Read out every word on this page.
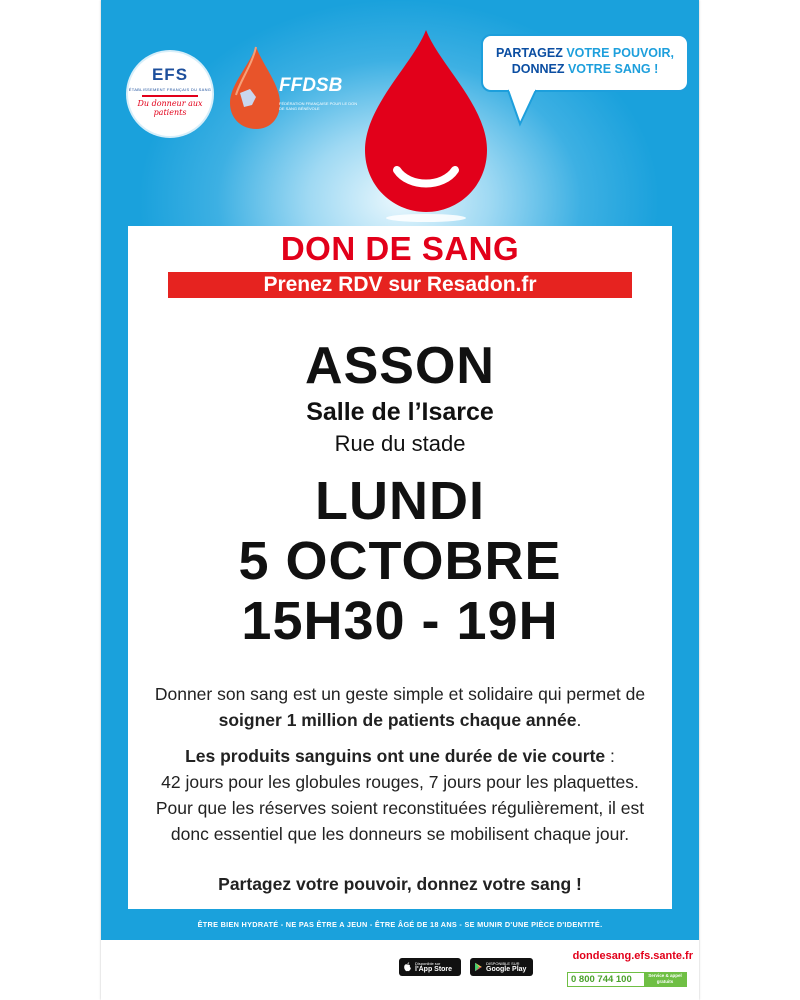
EFS
ÉTABLISSEMENT FRANÇAIS DU SANG
Du donneur aux patients
FFDSB
FÉDÉRATION FRANÇAISE POUR LE DON DE SANG BÉNÉVOLE
PARTAGEZ VOTRE POUVOIR,
DONNEZ VOTRE SANG !
DON DE SANG
Prenez RDV sur Resadon.fr
ASSON
Salle de l’Isarce
Rue du stade
LUNDI
5 OCTOBRE
15H30 - 19H
Donner son sang est un geste simple et solidaire qui permet de
soigner 1 million de patients chaque année.
Les produits sanguins ont une durée de vie courte :
42 jours pour les globules rouges, 7 jours pour les plaquettes.
Pour que les réserves soient reconstituées régulièrement, il est
donc essentiel que les donneurs se mobilisent chaque jour.
Partagez votre pouvoir, donnez votre sang !
ÊTRE BIEN HYDRATÉ - NE PAS ÊTRE A JEUN - ÊTRE ÂGÉ DE 18 ANS - SE MUNIR D'UNE PIÈCE D'IDENTITÉ.
Disponible sur
l'App Store
DISPONIBLE SUR
Google Play
dondesang.efs.sante.fr
0 800 744 100	Service & appel gratuits
